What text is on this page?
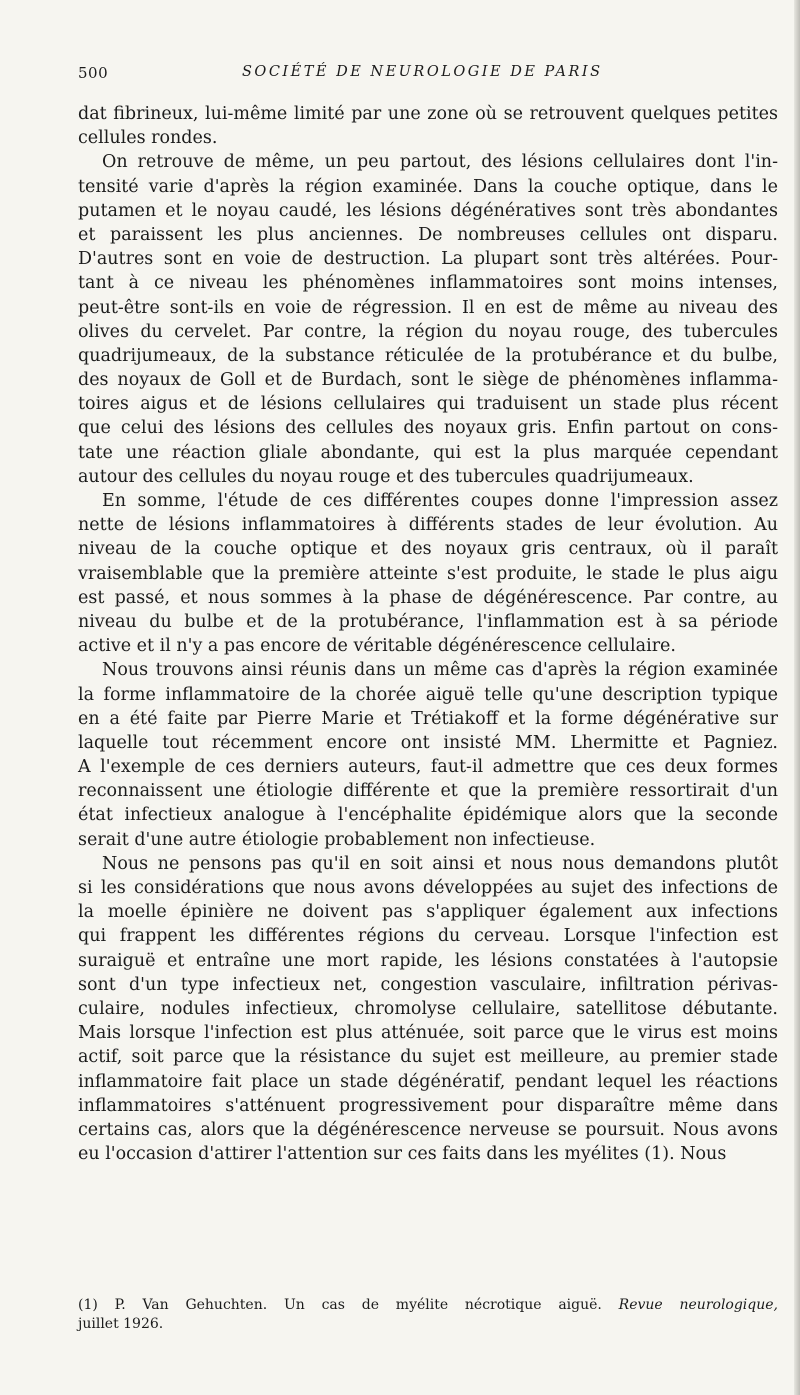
500	SOCIÉTÉ DE NEUROLOGIE DE PARIS
dat fibrineux, lui-même limité par une zone où se retrouvent quelques petites
cellules rondes.
On retrouve de même, un peu partout, des lésions cellulaires dont l'in-
tensité varie d'après la région examinée. Dans la couche optique, dans le
putamen et le noyau caudé, les lésions dégénératives sont très abondantes
et paraissent les plus anciennes. De nombreuses cellules ont disparu.
D'autres sont en voie de destruction. La plupart sont très altérées. Pour-
tant à ce niveau les phénomènes inflammatoires sont moins intenses,
peut-être sont-ils en voie de régression. Il en est de même au niveau des
olives du cervelet. Par contre, la région du noyau rouge, des tubercules
quadrijumeaux, de la substance réticulée de la protubérance et du bulbe,
des noyaux de Goll et de Burdach, sont le siège de phénomènes inflamma-
toires aigus et de lésions cellulaires qui traduisent un stade plus récent
que celui des lésions des cellules des noyaux gris. Enfin partout on cons-
tate une réaction gliale abondante, qui est la plus marquée cependant
autour des cellules du noyau rouge et des tubercules quadrijumeaux.
En somme, l'étude de ces différentes coupes donne l'impression assez
nette de lésions inflammatoires à différents stades de leur évolution. Au
niveau de la couche optique et des noyaux gris centraux, où il paraît
vraisemblable que la première atteinte s'est produite, le stade le plus aigu
est passé, et nous sommes à la phase de dégénérescence. Par contre, au
niveau du bulbe et de la protubérance, l'inflammation est à sa période
active et il n'y a pas encore de véritable dégénérescence cellulaire.
Nous trouvons ainsi réunis dans un même cas d'après la région examinée
la forme inflammatoire de la chorée aiguë telle qu'une description typique
en a été faite par Pierre Marie et Trétiakoff et la forme dégénérative sur
laquelle tout récemment encore ont insisté MM. Lhermitte et Pagniez.
A l'exemple de ces derniers auteurs, faut-il admettre que ces deux formes
reconnaissent une étiologie différente et que la première ressortirait d'un
état infectieux analogue à l'encéphalite épidémique alors que la seconde
serait d'une autre étiologie probablement non infectieuse.
Nous ne pensons pas qu'il en soit ainsi et nous nous demandons plutôt
si les considérations que nous avons développées au sujet des infections de
la moelle épinière ne doivent pas s'appliquer également aux infections
qui frappent les différentes régions du cerveau. Lorsque l'infection est
suraiguë et entraîne une mort rapide, les lésions constatées à l'autopsie
sont d'un type infectieux net, congestion vasculaire, infiltration périvas-
culaire, nodules infectieux, chromolyse cellulaire, satellitose débutante.
Mais lorsque l'infection est plus atténuée, soit parce que le virus est moins
actif, soit parce que la résistance du sujet est meilleure, au premier stade
inflammatoire fait place un stade dégénératif, pendant lequel les réactions
inflammatoires s'atténuent progressivement pour disparaître même dans
certains cas, alors que la dégénérescence nerveuse se poursuit. Nous avons
eu l'occasion d'attirer l'attention sur ces faits dans les myélites (1). Nous
(1) P. Van Gehuchten. Un cas de myélite nécrotique aiguë. Revue neurologique,
juillet 1926.
